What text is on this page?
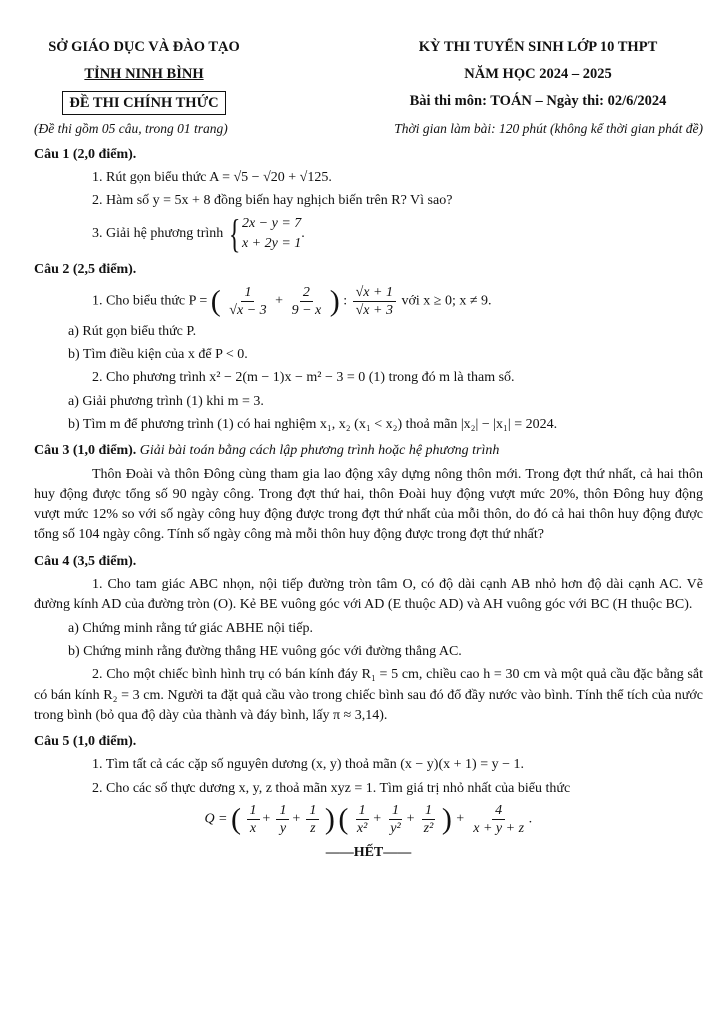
SỞ GIÁO DỤC VÀ ĐÀO TẠO
TỈNH NINH BÌNH
ĐỀ THI CHÍNH THỨC
KỲ THI TUYỂN SINH LỚP 10 THPT
NĂM HỌC 2024 – 2025
Bài thi môn: TOÁN – Ngày thi: 02/6/2024
(Đề thi gồm 05 câu, trong 01 trang)	Thời gian làm bài: 120 phút (không kể thời gian phát đề)
Câu 1 (2,0 điểm).
1. Rút gọn biểu thức A = √5 − √20 + √125.
2. Hàm số y = 5x + 8 đồng biến hay nghịch biến trên R? Vì sao?
3. Giải hệ phương trình { 2x − y = 7
x + 2y = 1
.
Câu 2 (2,5 điểm).
1. Cho biểu thức P = ( $\frac{1}{√x - 3} + \frac{2}{9 - x}$ ) : $\frac{√x + 1}{√x + 3}$ với x ≥ 0; x ≠ 9.
a) Rút gọn biểu thức P.
b) Tìm điều kiện của x để P < 0.
2. Cho phương trình x² − 2(m − 1)x − m² − 3 = 0 (1) trong đó m là tham số.
a) Giải phương trình (1) khi m = 3.
b) Tìm m để phương trình (1) có hai nghiệm x₁, x₂ (x₁ < x₂) thoả mãn |x₂| − |x₁| = 2024.
Câu 3 (1,0 điểm). Giải bài toán bằng cách lập phương trình hoặc hệ phương trình
Thôn Đoài và thôn Đông cùng tham gia lao động xây dựng nông thôn mới. Trong đợt thứ nhất, cả hai thôn huy động được tổng số 90 ngày công. Trong đợt thứ hai, thôn Đoài huy động vượt mức 20%, thôn Đông huy động vượt mức 12% so với số ngày công huy động được trong đợt thứ nhất của mỗi thôn, do đó cả hai thôn huy động được tổng số 104 ngày công. Tính số ngày công mà mỗi thôn huy động được trong đợt thứ nhất?
Câu 4 (3,5 điểm).
1. Cho tam giác ABC nhọn, nội tiếp đường tròn tâm O, có độ dài cạnh AB nhỏ hơn độ dài cạnh AC. Vẽ đường kính AD của đường tròn (O). Kẻ BE vuông góc với AD (E thuộc AD) và AH vuông góc với BC (H thuộc BC).
a) Chứng minh rằng tứ giác ABHE nội tiếp.
b) Chứng minh rằng đường thẳng HE vuông góc với đường thẳng AC.
2. Cho một chiếc bình hình trụ có bán kính đáy R₁ = 5 cm, chiều cao h = 30 cm và một quả cầu đặc bằng sắt có bán kính R₂ = 3 cm. Người ta đặt quả cầu vào trong chiếc bình sau đó đổ đầy nước vào bình. Tính thể tích của nước trong bình (bỏ qua độ dày của thành và đáy bình, lấy π ≈ 3,14).
Câu 5 (1,0 điểm).
1. Tìm tất cả các cặp số nguyên dương (x, y) thoả mãn (x − y)(x + 1) = y − 1.
2. Cho các số thực dương x, y, z thoả mãn xyz = 1. Tìm giá trị nhỏ nhất của biểu thức
Q = ( $\frac{1}{x} + \frac{1}{y} + \frac{1}{z}$ ) ( $\frac{1}{\text{x²}} + \frac{1}{\text{y²}} + \frac{1}{\text{z²}}$ ) + $\frac{4}{x + y + z}$ .
——HẾT——
